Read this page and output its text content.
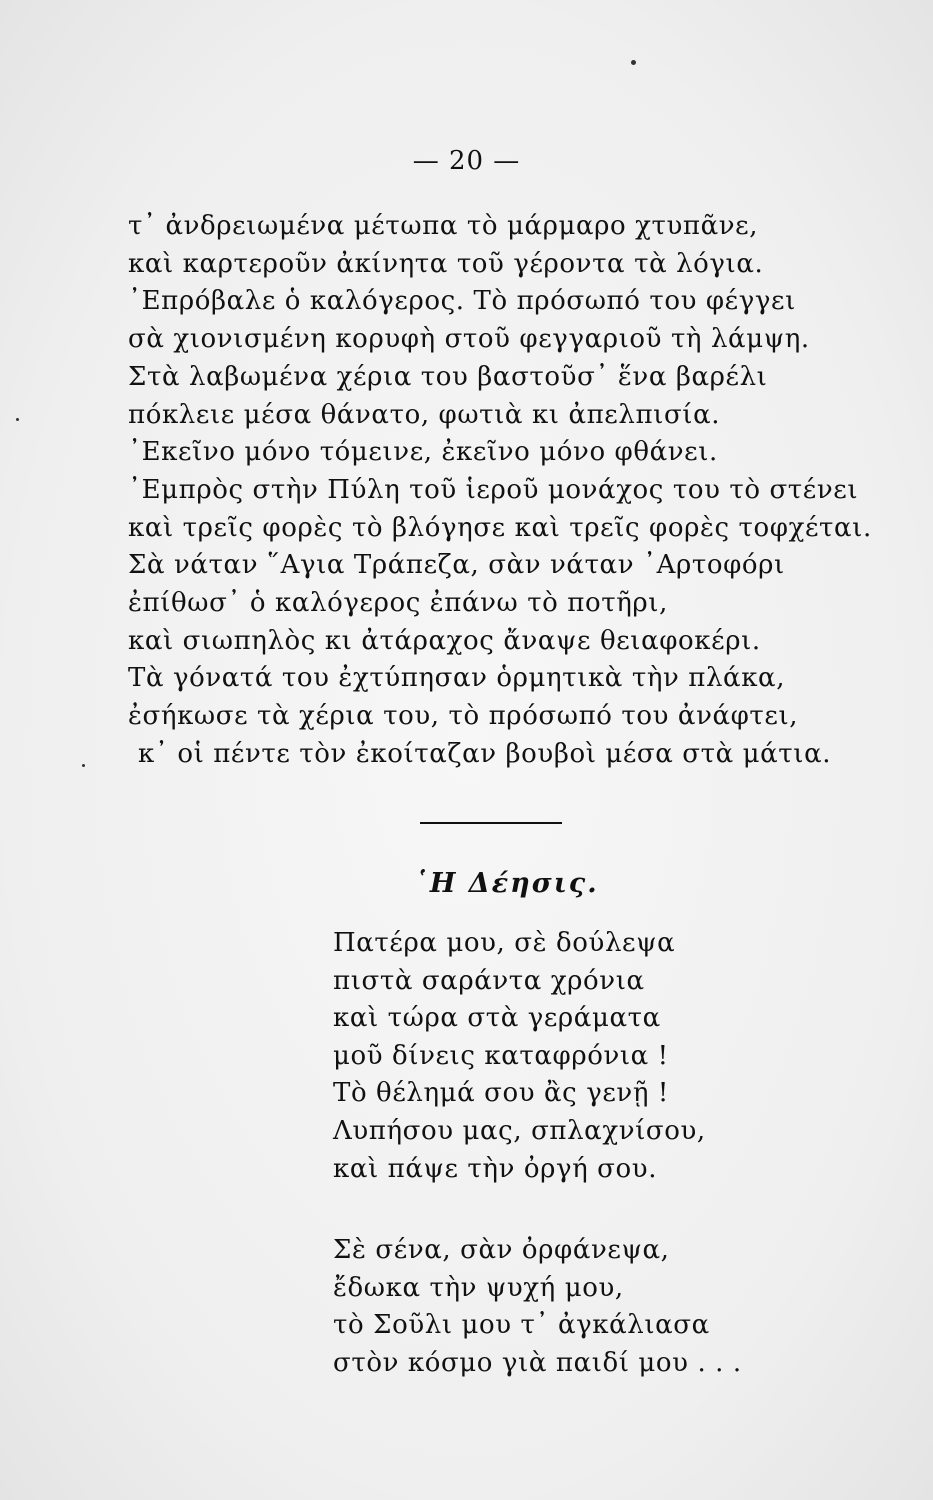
— 20 —
τ᾽ ἀνδρειωμένα μέτωπα τὸ μάρμαρο χτυπᾶνε,
καὶ καρτεροῦν ἀκίνητα τοῦ γέροντα τὰ λόγια.
᾽Επρόβαλε ὁ καλόγερος. Τὸ πρόσωπό του φέγγει
σὰ χιονισμένη κορυφὴ στοῦ φεγγαριοῦ τὴ λάμψη.
Στὰ λαβωμένα χέρια του βαστοῦσ᾽ ἕνα βαρέλι
πόκλειε μέσα θάνατο, φωτιὰ κι ἀπελπισία.
᾽Εκεῖνο μόνο τόμεινε, ἐκεῖνο μόνο φθάνει.
᾽Εμπρὸς στὴν Πύλη τοῦ ἱεροῦ μονάχος του τὸ στένει
καὶ τρεῖς φορὲς τὸ βλόγησε καὶ τρεῖς φορὲς τοφχέται.
Σὰ νάταν ῞Αγια Τράπεζα, σὰν νάταν ᾽Αρτοφόρι
ἐπίθωσ᾽ ὁ καλόγερος ἐπάνω τὸ ποτῆρι,
καὶ σιωπηλὸς κι ἀτάραχος ἄναψε θειαφοκέρι.
Τὰ γόνατά του ἐχτύπησαν ὁρμητικὰ τὴν πλάκα,
ἐσήκωσε τὰ χέρια του, τὸ πρόσωπό του ἀνάφτει,
κ᾽ οἱ πέντε τὸν ἐκοίταζαν βουβοὶ μέσα στὰ μάτια.
῾Η Δέησις.
Πατέρα μου, σὲ δούλεψα
πιστὰ σαράντα χρόνια
καὶ τώρα στὰ γεράματα
μοῦ δίνεις καταφρόνια !
Τὸ θέλημά σου ἂς γενῇ !
Λυπήσου μας, σπλαχνίσου,
καὶ πάψε τὴν ὀργή σου.
Σὲ σένα, σὰν ὀρφάνεψα,
ἔδωκα τὴν ψυχή μου,
τὸ Σοῦλι μου τ᾽ ἀγκάλιασα
στὸν κόσμο γιὰ παιδί μου . . .
